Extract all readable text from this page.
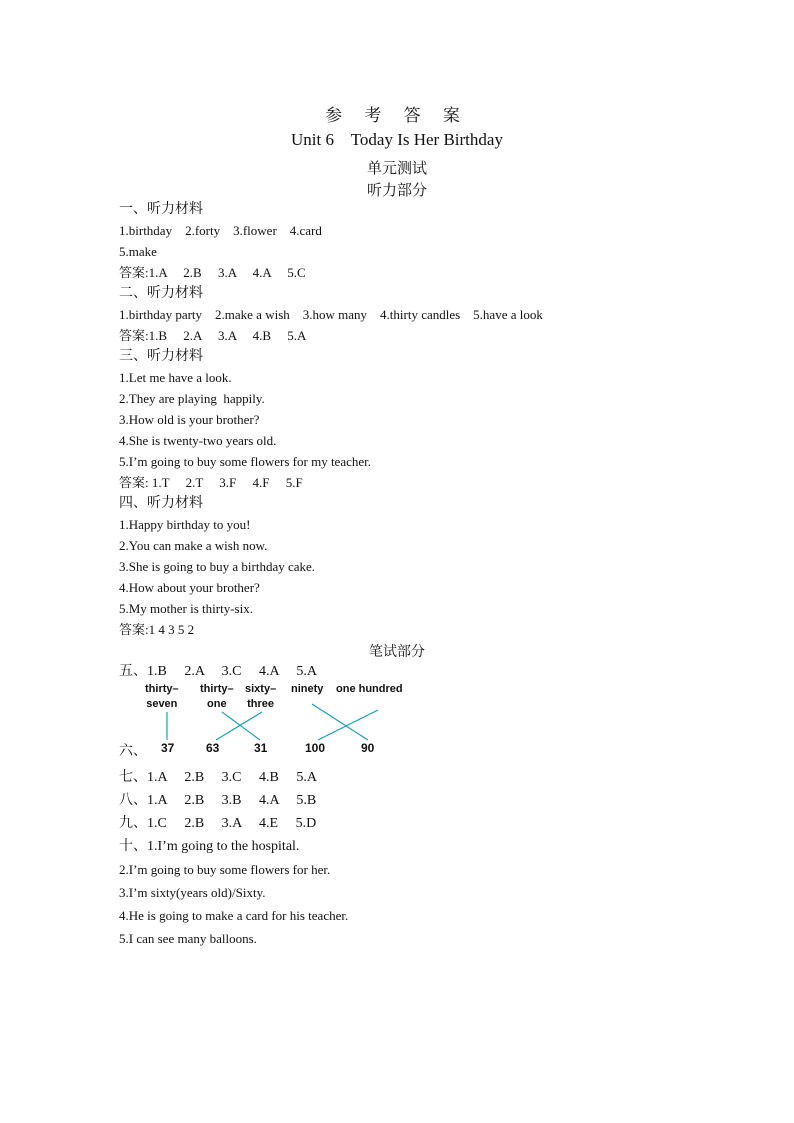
参 考 答 案
Unit 6    Today Is Her Birthday
单元测试
听力部分
一、听力材料
1.birthday    2.forty    3.flower    4.card
5.make
答案:1.A     2.B     3.A     4.A     5.C
二、听力材料
1.birthday party    2.make a wish    3.how many    4.thirty candles    5.have a look
答案:1.B     2.A     3.A     4.B     5.A
三、听力材料
1.Let me have a look.
2.They are playing  happily.
3.How old is your brother?
4.She is twenty-two years old.
5.I’m going to buy some flowers for my teacher.
答案: 1.T     2.T     3.F     4.F     5.F
四、听力材料
1.Happy birthday to you!
2.You can make a wish now.
3.She is going to buy a birthday cake.
4.How about your brother?
5.My mother is thirty-six.
答案:1 4 3 5 2
笔试部分
五、1.B     2.A     3.C     4.A     5.A
thirty–
seven
thirty–
one
sixty–
three
ninety one hundred
37	63	31	100	90
六、
七、1.A     2.B     3.C     4.B     5.A
八、1.A     2.B     3.B     4.A     5.B
九、1.C     2.B     3.A     4.E     5.D
十、1.I’m going to the hospital.
2.I’m going to buy some flowers for her.
3.I’m sixty(years old)/Sixty.
4.He is going to make a card for his teacher.
5.I can see many balloons.
